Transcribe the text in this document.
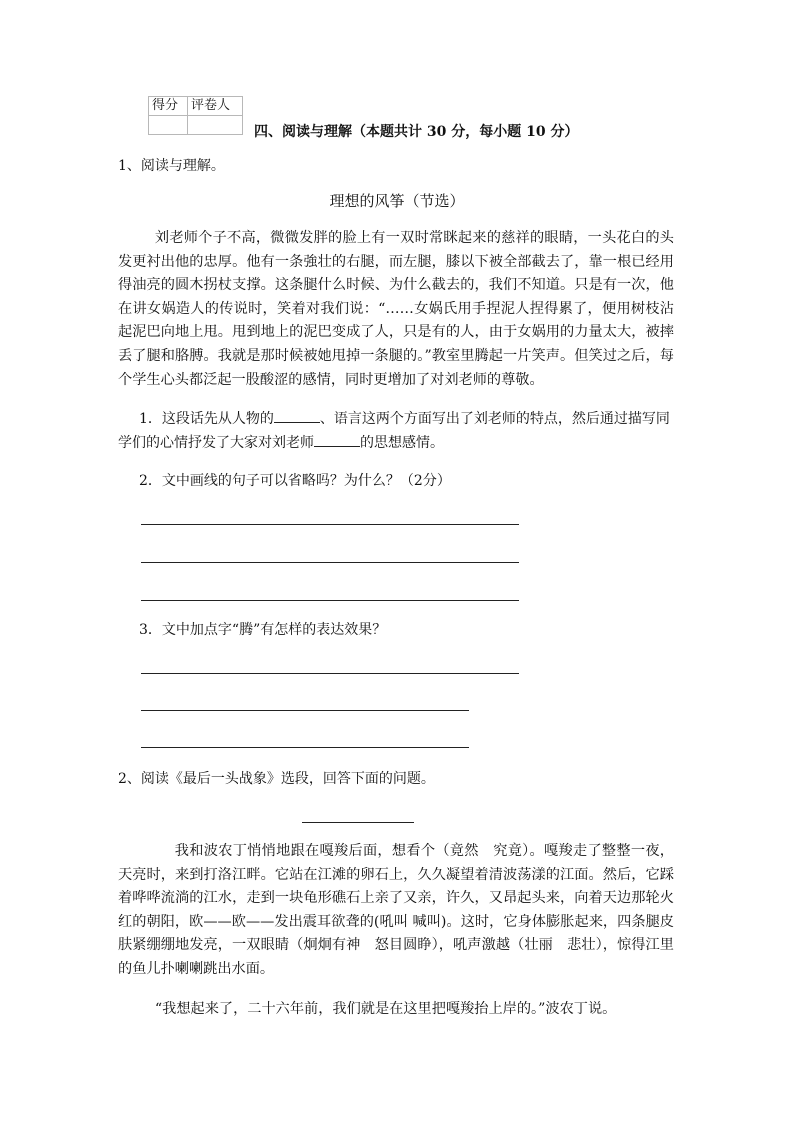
得分	评卷人

四、阅读与理解（本题共计 30 分，每小题 10 分）
1、阅读与理解。
理想的风筝（节选）
刘老师个子不高，微微发胖的脸上有一双时常眯起来的慈祥的眼睛，一头花白的头发更衬出他的忠厚。他有一条強壮的右腿，而左腿，膝以下被全部截去了，靠一根已经用得油亮的圆木拐杖支撑。这条腿什么时候、为什么截去的，我们不知道。只是有一次，他在讲女娲造人的传说时，笑着对我们说：“……女娲氏用手捏泥人捏得累了，便用树枝沾起泥巴向地上甩。甩到地上的泥巴变成了人，只是有的人，由于女娲用的力量太大，被摔丢了腿和胳膊。我就是那时候被她甩掉一条腿的。”教室里腾起一片笑声。但笑过之后，每个学生心头都泛起一股酸涩的感情，同时更增加了对刘老师的尊敬。
1．这段话先从人物的	、语言这两个方面写出了刘老师的特点，然后通过描写同学们的心情抒发了大家对刘老师	的思想感情。
2．文中画线的句子可以省略吗？为什么？（2分）
3．文中加点字“腾”有怎样的表达效果？
2、阅读《最后一头战象》选段，回答下面的问题。
我和波农丁悄悄地跟在嘎羧后面，想看个（竟然　究竟）。嘎羧走了整整一夜，天亮时，来到打洛江畔。它站在江滩的卵石上，久久凝望着清波荡漾的江面。然后，它踩着哗哗流淌的江水，走到一块龟形礁石上亲了又亲，许久，又昂起头来，向着天边那轮火红的朝阳，欧——欧——发出震耳欲聋的(吼叫 喊叫)。这时，它身体膨胀起来，四条腿皮肤紧绷绷地发亮，一双眼睛（炯炯有神　怒目圆睁），吼声激越（壮丽　悲壮），惊得江里的鱼儿扑喇喇跳出水面。
“我想起来了，二十六年前，我们就是在这里把嘎羧抬上岸的。”波农丁说。
